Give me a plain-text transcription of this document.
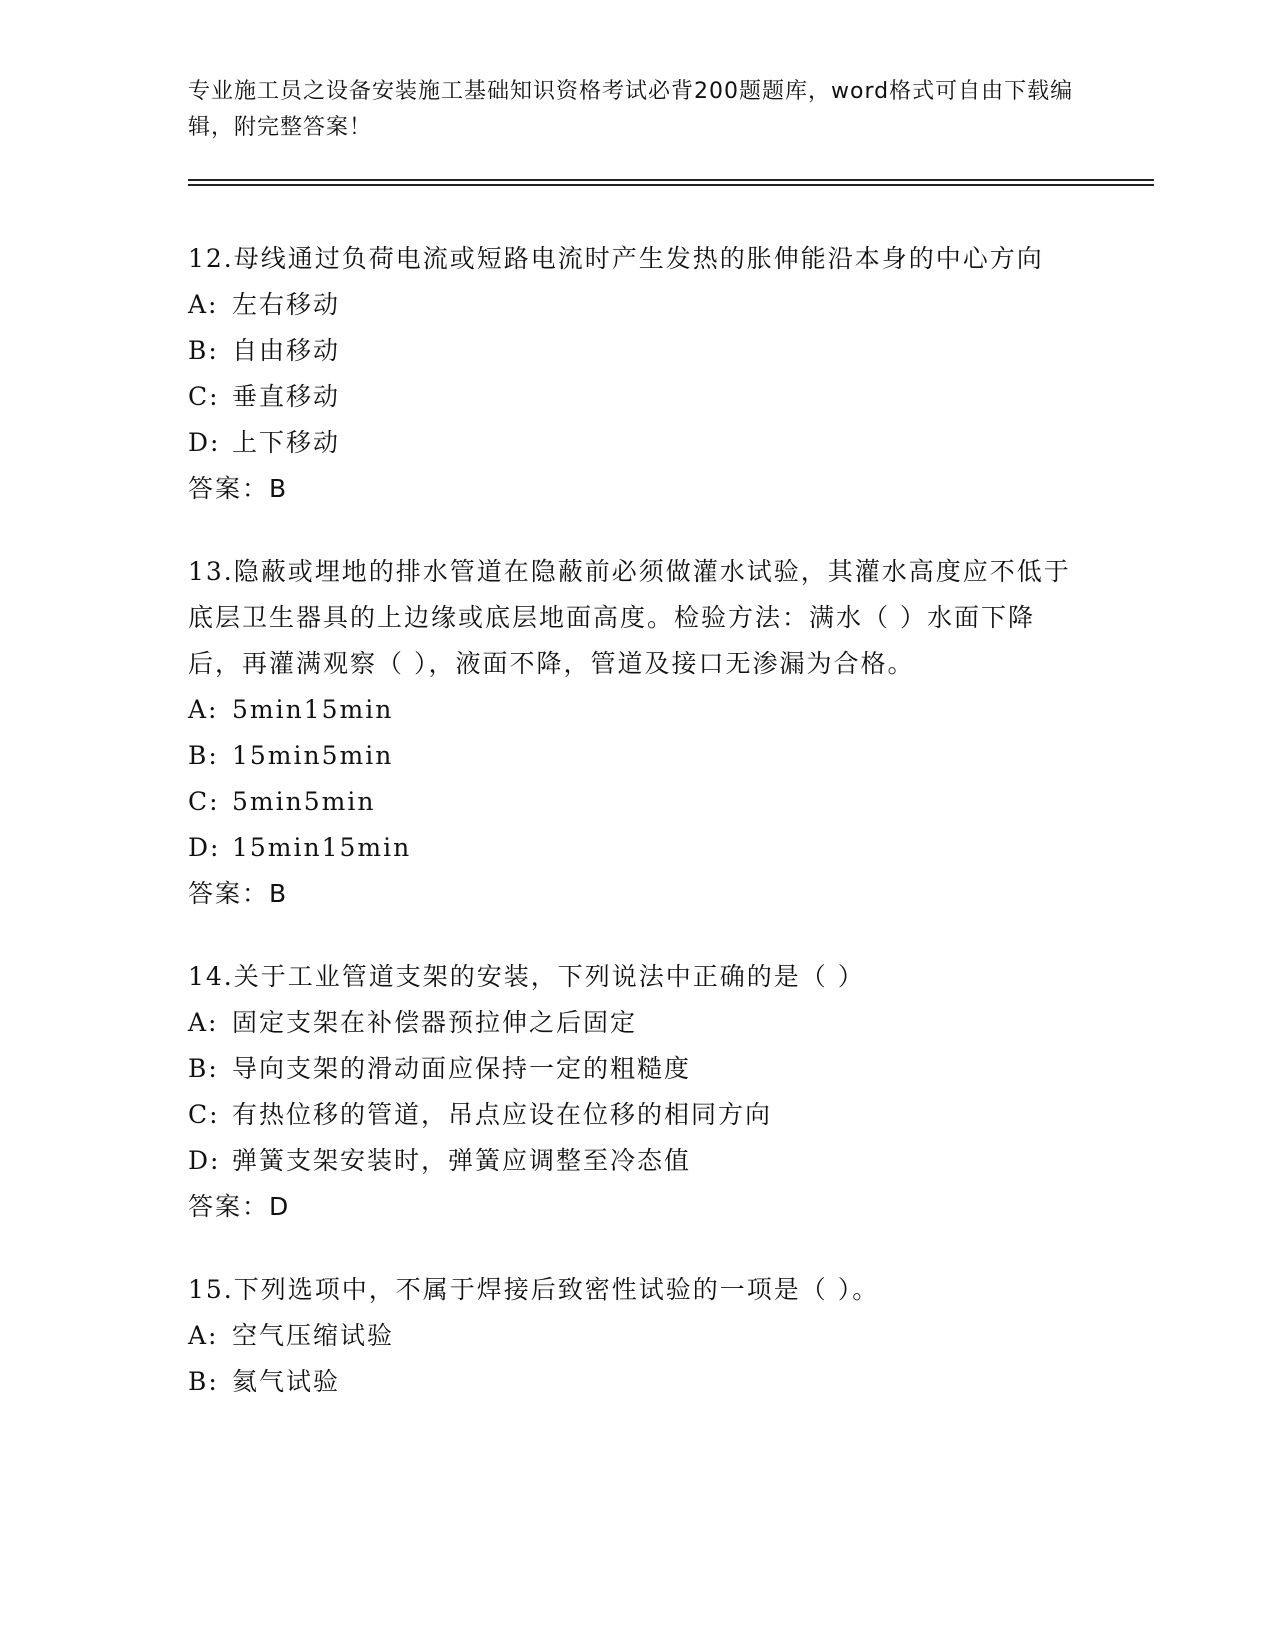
专业施工员之设备安装施工基础知识资格考试必背200题题库，word格式可自由下载编辑，附完整答案！
12.母线通过负荷电流或短路电流时产生发热的胀伸能沿本身的中心方向
A: 左右移动
B: 自由移动
C: 垂直移动
D: 上下移动
答案：B
13.隐蔽或埋地的排水管道在隐蔽前必须做灌水试验，其灌水高度应不低于底层卫生器具的上边缘或底层地面高度。检验方法：满水（ ）水面下降后，再灌满观察（ ），液面不降，管道及接口无渗漏为合格。
A: 5min15min
B: 15min5min
C: 5min5min
D: 15min15min
答案：B
14.关于工业管道支架的安装，下列说法中正确的是（ ）
A: 固定支架在补偿器预拉伸之后固定
B: 导向支架的滑动面应保持一定的粗糙度
C: 有热位移的管道，吊点应设在位移的相同方向
D: 弹簧支架安装时，弹簧应调整至冷态值
答案：D
15.下列选项中，不属于焊接后致密性试验的一项是（ ）。
A: 空气压缩试验
B: 氦气试验
